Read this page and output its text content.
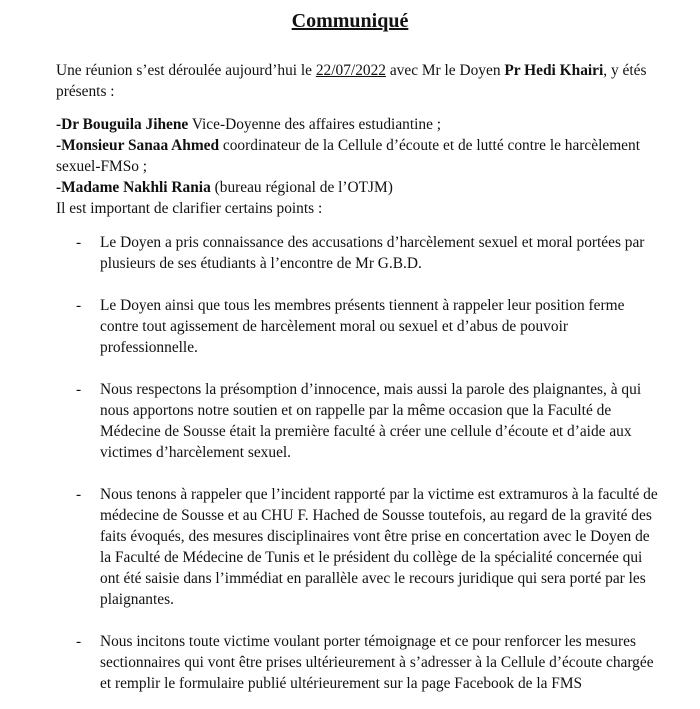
Communiqué
Une réunion s’est déroulée aujourd’hui le 22/07/2022 avec Mr le Doyen Pr Hedi Khairi, y étés présents :

-Dr Bouguila Jihene Vice-Doyenne des affaires estudiantine ;

-Monsieur Sanaa Ahmed coordinateur de la Cellule d’écoute et de lutté contre le harcèlement sexuel-FMSo ;

-Madame Nakhli Rania (bureau régional de l’OTJM)

Il est important de clarifier certains points :

- Le Doyen a pris connaissance des accusations d’harcèlement sexuel et moral portées par plusieurs de ses étudiants à l’encontre de Mr G.B.D.
- Le Doyen ainsi que tous les membres présents tiennent à rappeler leur position ferme contre tout agissement de harcèlement moral ou sexuel et d’abus de pouvoir professionnelle.
- Nous respectons la présomption d’innocence, mais aussi la parole des plaignantes, à qui nous apportons notre soutien et on rappelle par la même occasion que la Faculté de Médecine de Sousse était la première faculté à créer une cellule d’écoute et d’aide aux victimes d’harcèlement sexuel.
- Nous tenons à rappeler que l’incident rapporté par la victime est extramuros à la faculté de médecine de Sousse et au CHU F. Hached de Sousse toutefois, au regard de la gravité des faits évoqués, des mesures disciplinaires vont être prise en concertation avec le Doyen de la Faculté de Médecine de Tunis et le président du collège de la spécialité concernée qui ont été saisie dans l’immédiat en parallèle avec le recours juridique qui sera porté par les plaignantes.
- Nous incitons toute victime voulant porter témoignage et ce pour renforcer les mesures sectionnaires qui vont être prises ultérieurement à s’adresser à la Cellule d’écoute chargée et remplir le formulaire publié ultérieurement sur la page Facebook de la FMS
